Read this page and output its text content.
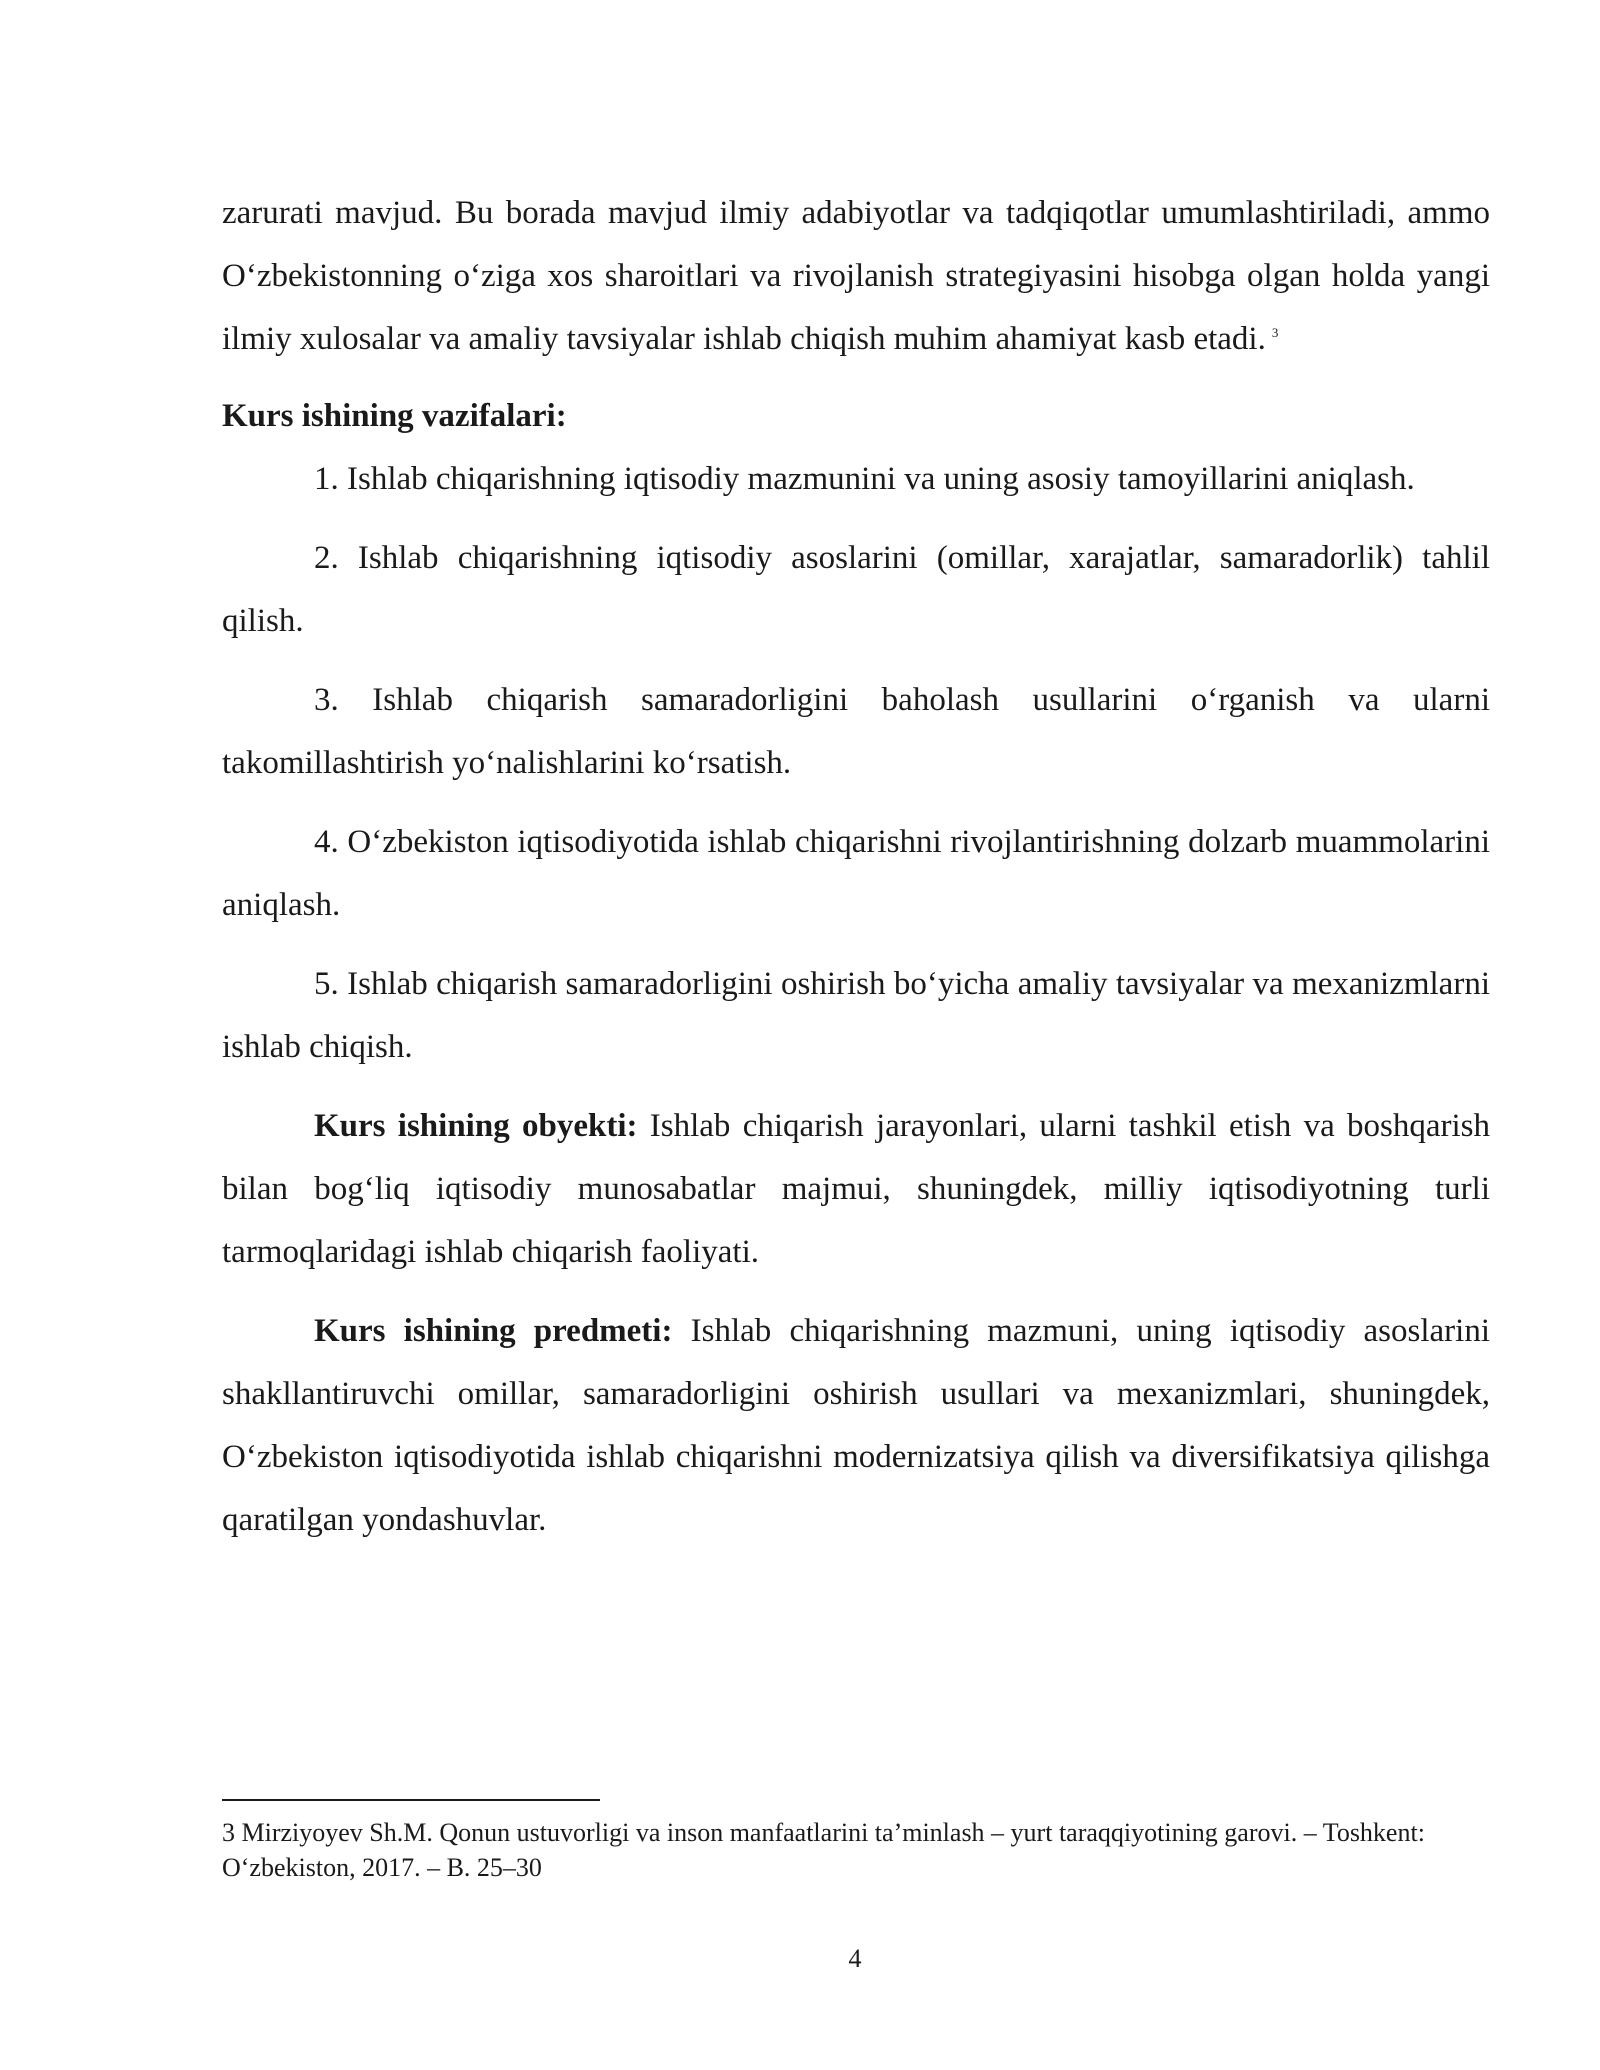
zarurati mavjud. Bu borada mavjud ilmiy adabiyotlar va tadqiqotlar umumlashtiriladi, ammo O‘zbekistonning o‘ziga xos sharoitlari va rivojlanish strategiyasini hisobga olgan holda yangi ilmiy xulosalar va amaliy tavsiyalar ishlab chiqish muhim ahamiyat kasb etadi. $^3$

Kurs ishining vazifalari:

1. Ishlab chiqarishning iqtisodiy mazmunini va uning asosiy tamoyillarini aniqlash.

2. Ishlab chiqarishning iqtisodiy asoslarini (omillar, xarajatlar, samaradorlik) tahlil qilish.

3. Ishlab chiqarish samaradorligini baholash usullarini o‘rganish va ularni takomillashtirish yo‘nalishlarini ko‘rsatish.

4. O‘zbekiston iqtisodiyotida ishlab chiqarishni rivojlantirishning dolzarb muammolarini aniqlash.

5. Ishlab chiqarish samaradorligini oshirish bo‘yicha amaliy tavsiyalar va mexanizmlarni ishlab chiqish.

Kurs ishining obyekti: Ishlab chiqarish jarayonlari, ularni tashkil etish va boshqarish bilan bog‘liq iqtisodiy munosabatlar majmui, shuningdek, milliy iqtisodiyotning turli tarmoqlaridagi ishlab chiqarish faoliyati.

Kurs ishining predmeti: Ishlab chiqarishning mazmuni, uning iqtisodiy asoslarini shakllantiruvchi omillar, samaradorligini oshirish usullari va mexanizmlari, shuningdek, O‘zbekiston iqtisodiyotida ishlab chiqarishni modernizatsiya qilish va diversifikatsiya qilishga qaratilgan yondashuvlar.

3 Mirziyoyev Sh.M. Qonun ustuvorligi va inson manfaatlarini ta’minlash – yurt taraqqiyotining garovi. – Toshkent: O‘zbekiston, 2017. – B. 25–30

4
